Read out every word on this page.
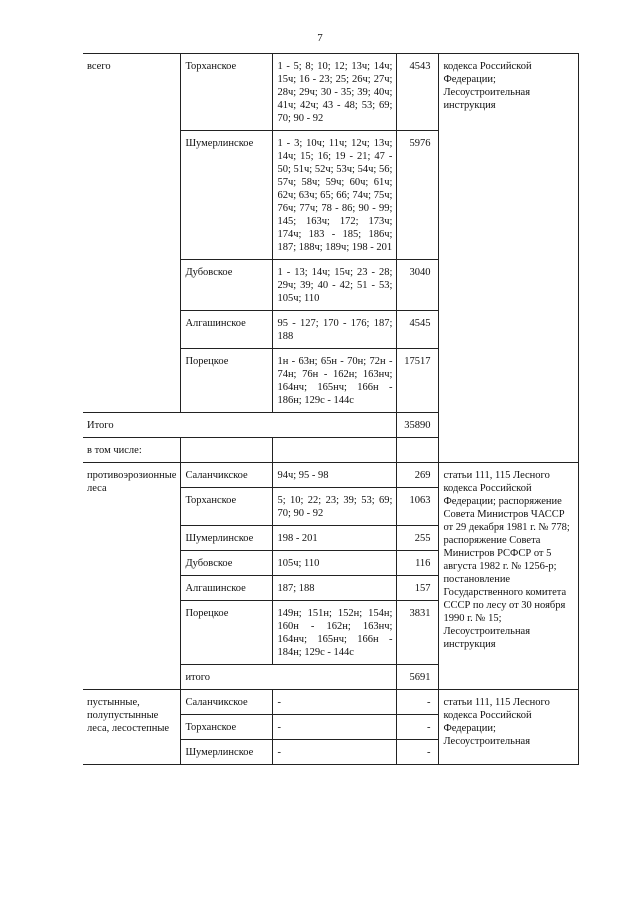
7
всего	Торханское	1 - 5; 8; 10; 12; 13ч; 14ч; 15ч; 16 - 23; 25; 26ч; 27ч; 28ч; 29ч; 30 - 35; 39; 40ч; 41ч; 42ч; 43 - 48; 53; 69; 70; 90 - 92	4543	кодекса Российской Федерации; Лесоустроительная инструкция
	Шумерлинское	1 - 3; 10ч; 11ч; 12ч; 13ч; 14ч; 15; 16; 19 - 21; 47 - 50; 51ч; 52ч; 53ч; 54ч; 56; 57ч; 58ч; 59ч; 60ч; 61ч; 62ч; 63ч; 65; 66; 74ч; 75ч; 76ч; 77ч; 78 - 86; 90 - 99; 145; 163ч; 172; 173ч; 174ч; 183 - 185; 186ч; 187; 188ч; 189ч; 198 - 201	5976	
	Дубовское	1 - 13; 14ч; 15ч; 23 - 28; 29ч; 39; 40 - 42; 51 - 53; 105ч; 110	3040	
	Алгашинское	95 - 127; 170 - 176; 187; 188	4545	
	Порецкое	1н - 63н; 65н - 70н; 72н - 74н; 76н - 162н; 163нч; 164нч; 165нч; 166н - 186н; 129с - 144с	17517	
Итого			35890	
в том числе:				
противоэрозионные леса	Саланчикское	94ч; 95 - 98	269	статьи 111, 115 Лесного кодекса Российской Федерации; распоряжение Совета Министров ЧАССР от 29 декабря 1981 г. № 778; распоряжение Совета Министров РСФСР от 5 августа 1982 г. № 1256-р; постановление Государственного комитета СССР по лесу от 30 ноября 1990 г. № 15; Лесоустроительная инструкция
	Торханское	5; 10; 22; 23; 39; 53; 69; 70; 90 - 92	1063	
	Шумерлинское	198 - 201	255	
	Дубовское	105ч; 110	116	
	Алгашинское	187; 188	157	
	Порецкое	149н; 151н; 152н; 154н; 160н - 162н; 163нч; 164нч; 165нч; 166н - 184н; 129с - 144с	3831	
	итого		5691	
пустынные, полупустынные леса, лесостепные	Саланчикское	-	-	статьи 111, 115 Лесного кодекса Российской Федерации; Лесоустроительная
	Торханское	-	-	
	Шумерлинское	-	-	
